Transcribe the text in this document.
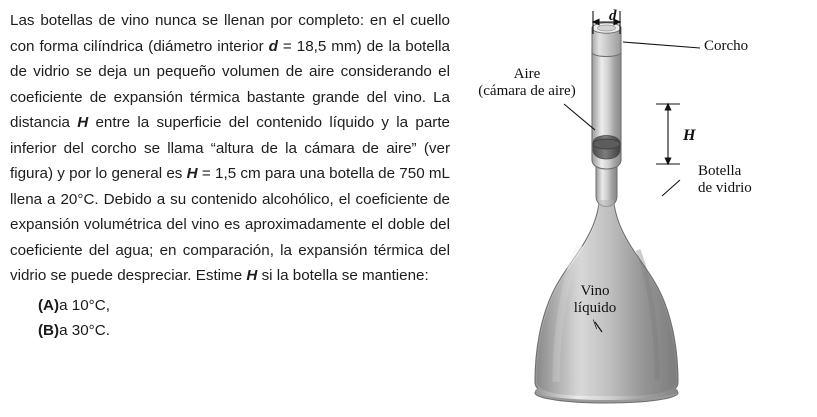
Las botellas de vino nunca se llenan por completo: en el cuello con forma cilíndrica (diámetro interior d = 18,5 mm) de la botella de vidrio se deja un pequeño volumen de aire considerando el coeficiente de expansión térmica bastante grande del vino. La distancia H entre la superficie del contenido líquido y la parte inferior del corcho se llama “altura de la cámara de aire” (ver figura) y por lo general es H = 1,5 cm para una botella de 750 mL llena a 20°C. Debido a su contenido alcohólico, el coeficiente de expansión volumétrica del vino es aproximadamente el doble del coeficiente del agua; en comparación, la expansión térmica del vidrio se puede despreciar. Estime H si la botella se mantiene:

(A)a 10°C,
(B)a 30°C.
Aire
(cámara de aire)
Corcho
Botella
de vidrio
Vino
líquido
\
H
d
